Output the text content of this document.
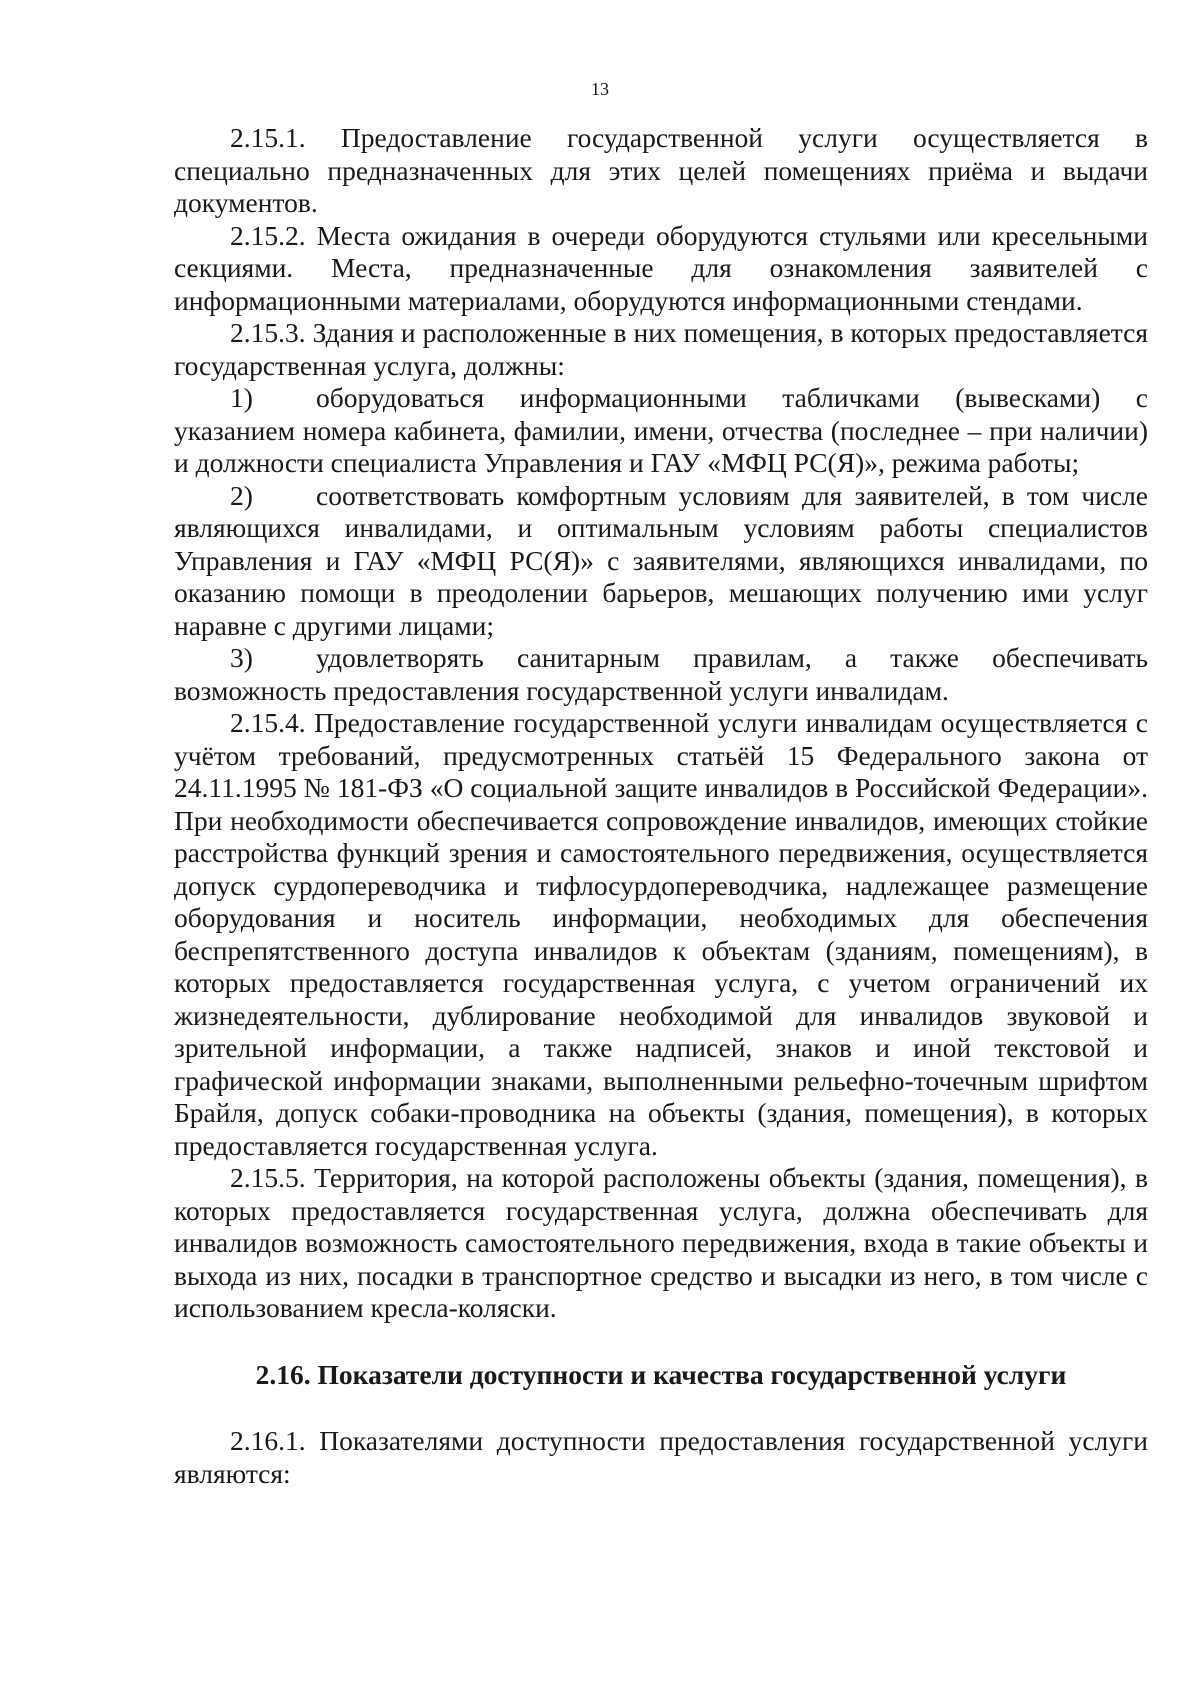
13

2.15.1. Предоставление государственной услуги осуществляется в специально предназначенных для этих целей помещениях приёма и выдачи документов.

2.15.2. Места ожидания в очереди оборудуются стульями или кресельными секциями. Места, предназначенные для ознакомления заявителей с информационными материалами, оборудуются информационными стендами.

2.15.3. Здания и расположенные в них помещения, в которых предоставляется государственная услуга, должны:

1) оборудоваться информационными табличками (вывесками) с указанием номера кабинета, фамилии, имени, отчества (последнее – при наличии) и должности специалиста Управления и ГАУ «МФЦ РС(Я)», режима работы;

2) соответствовать комфортным условиям для заявителей, в том числе являющихся инвалидами, и оптимальным условиям работы специалистов Управления и ГАУ «МФЦ РС(Я)» с заявителями, являющихся инвалидами, по оказанию помощи в преодолении барьеров, мешающих получению ими услуг наравне с другими лицами;

3) удовлетворять санитарным правилам, а также обеспечивать возможность предоставления государственной услуги инвалидам.

2.15.4. Предоставление государственной услуги инвалидам осуществляется с учётом требований, предусмотренных статьёй 15 Федерального закона от 24.11.1995 № 181-ФЗ «О социальной защите инвалидов в Российской Федерации». При необходимости обеспечивается сопровождение инвалидов, имеющих стойкие расстройства функций зрения и самостоятельного передвижения, осуществляется допуск сурдопереводчика и тифлосурдопереводчика, надлежащее размещение оборудования и носитель информации, необходимых для обеспечения беспрепятственного доступа инвалидов к объектам (зданиям, помещениям), в которых предоставляется государственная услуга, с учетом ограничений их жизнедеятельности, дублирование необходимой для инвалидов звуковой и зрительной информации, а также надписей, знаков и иной текстовой и графической информации знаками, выполненными рельефно-точечным шрифтом Брайля, допуск собаки-проводника на объекты (здания, помещения), в которых предоставляется государственная услуга.

2.15.5. Территория, на которой расположены объекты (здания, помещения), в которых предоставляется государственная услуга, должна обеспечивать для инвалидов возможность самостоятельного передвижения, входа в такие объекты и выхода из них, посадки в транспортное средство и высадки из него, в том числе с использованием кресла-коляски.

2.16. Показатели доступности и качества государственной услуги

2.16.1. Показателями доступности предоставления государственной услуги являются:
